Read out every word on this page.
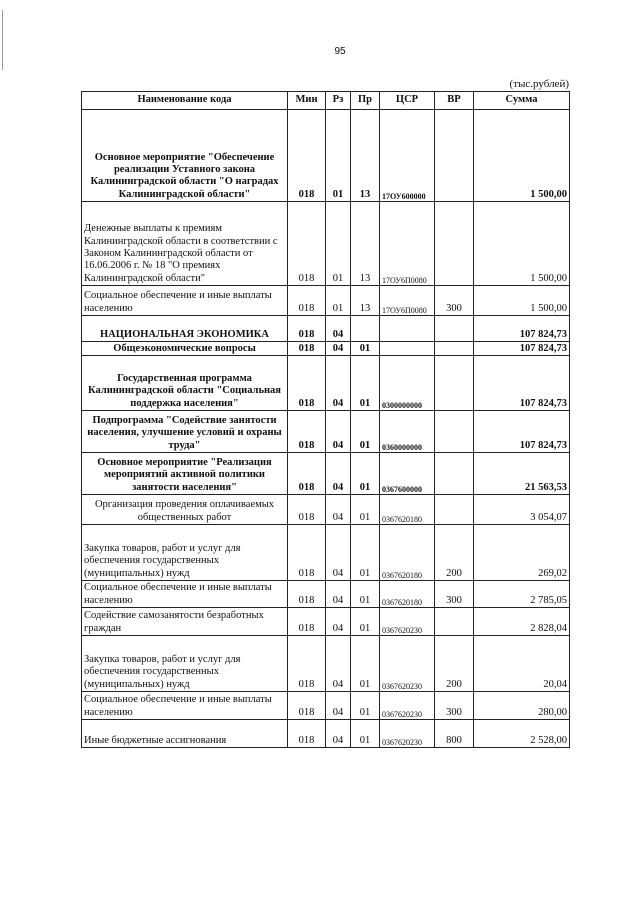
95
(тыс.рублей)
Наименование кода	Мин	Рз	Пр	ЦСР	ВР	Сумма
Основное мероприятие "Обеспечение реализации Уставного закона Калининградской области "О наградах Калининградской области"	018	01	13	17ОУ600000		1 500,00
Денежные выплаты к премиям Калининградской области в соответствии с Законом Калининградской области от 16.06.2006 г. № 18 "О премиях Калининградской области"	018	01	13	17ОУ6П0080		1 500,00
Социальное обеспечение и иные выплаты населению	018	01	13	17ОУ6П0080	300	1 500,00
НАЦИОНАЛЬНАЯ ЭКОНОМИКА	018	04				107 824,73
Общеэкономические вопросы	018	04	01			107 824,73
Государственная программа Калининградской области "Социальная поддержка населения"	018	04	01	0300000000		107 824,73
Подпрограмма "Содействие занятости населения, улучшение условий и охраны труда"	018	04	01	0360000000		107 824,73
Основное мероприятие "Реализация мероприятий активной политики занятости населения"	018	04	01	0367600000		21 563,53
Организация проведения оплачиваемых общественных работ	018	04	01	0367620180		3 054,07
Закупка товаров, работ и услуг для обеспечения государственных (муниципальных) нужд	018	04	01	0367620180	200	269,02
Социальное обеспечение и иные выплаты населению	018	04	01	0367620180	300	2 785,05
Содействие самозанятости безработных граждан	018	04	01	0367620230		2 828,04
Закупка товаров, работ и услуг для обеспечения государственных (муниципальных) нужд	018	04	01	0367620230	200	20,04
Социальное обеспечение и иные выплаты населению	018	04	01	0367620230	300	280,00
Иные бюджетные ассигнования	018	04	01	0367620230	800	2 528,00
